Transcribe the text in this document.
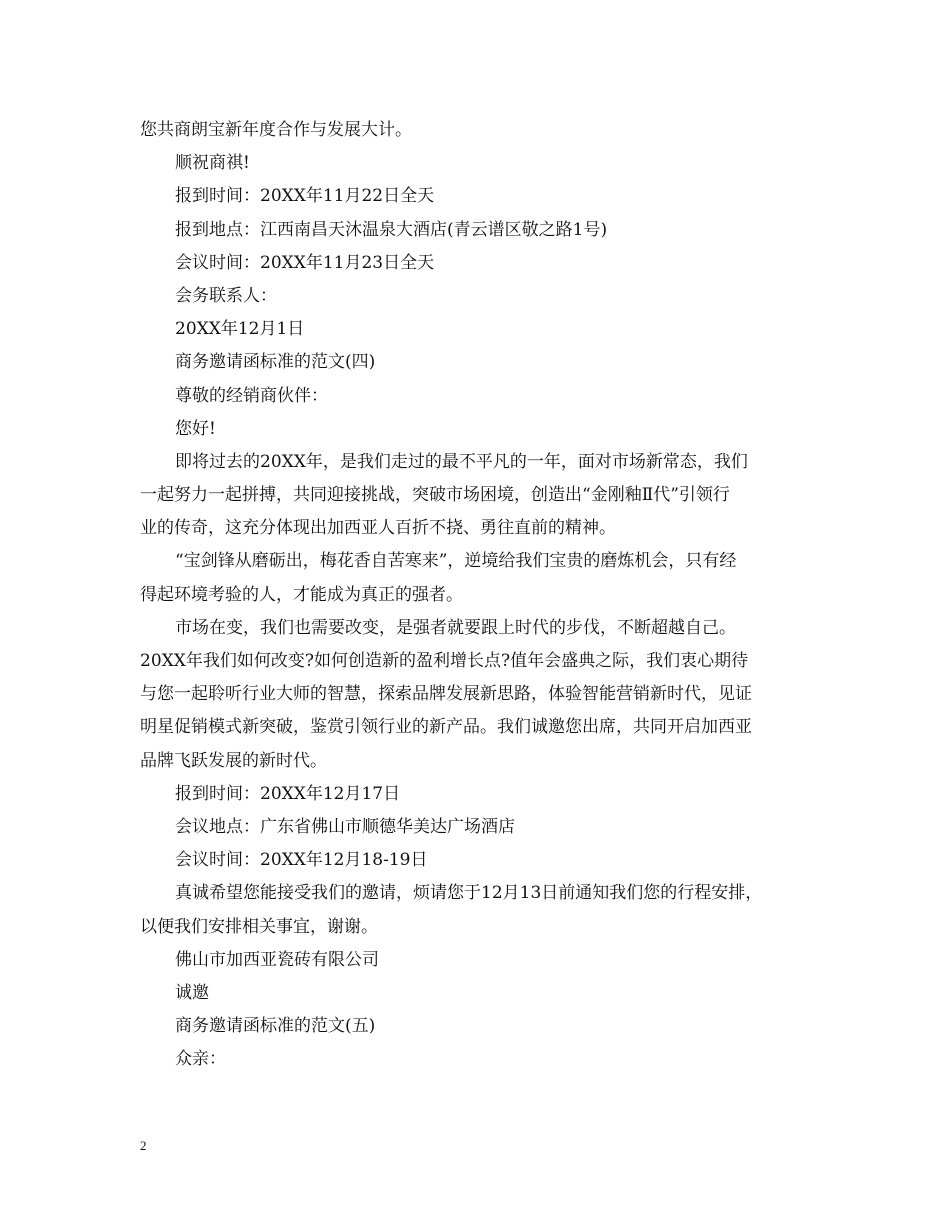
您共商朗宝新年度合作与发展大计。
顺祝商祺!
报到时间：20XX年11月22日全天
报到地点：江西南昌天沐温泉大酒店(青云谱区敬之路1号)
会议时间：20XX年11月23日全天
会务联系人：
20XX年12月1日
商务邀请函标准的范文(四)
尊敬的经销商伙伴：
您好!
即将过去的20XX年，是我们走过的最不平凡的一年，面对市场新常态，我们
一起努力一起拼搏，共同迎接挑战，突破市场困境，创造出“金刚釉Ⅱ代”引领行
业的传奇，这充分体现出加西亚人百折不挠、勇往直前的精神。
“宝剑锋从磨砺出，梅花香自苦寒来”，逆境给我们宝贵的磨炼机会，只有经
得起环境考验的人，才能成为真正的强者。
市场在变，我们也需要改变，是强者就要跟上时代的步伐，不断超越自己。
20XX年我们如何改变?如何创造新的盈利增长点?值年会盛典之际，我们衷心期待
与您一起聆听行业大师的智慧，探索品牌发展新思路，体验智能营销新时代，见证
明星促销模式新突破，鉴赏引领行业的新产品。我们诚邀您出席，共同开启加西亚
品牌飞跃发展的新时代。
报到时间：20XX年12月17日
会议地点：广东省佛山市顺德华美达广场酒店
会议时间：20XX年12月18-19日
真诚希望您能接受我们的邀请，烦请您于12月13日前通知我们您的行程安排，
以便我们安排相关事宜，谢谢。
佛山市加西亚瓷砖有限公司
诚邀
商务邀请函标准的范文(五)
众亲：
2
